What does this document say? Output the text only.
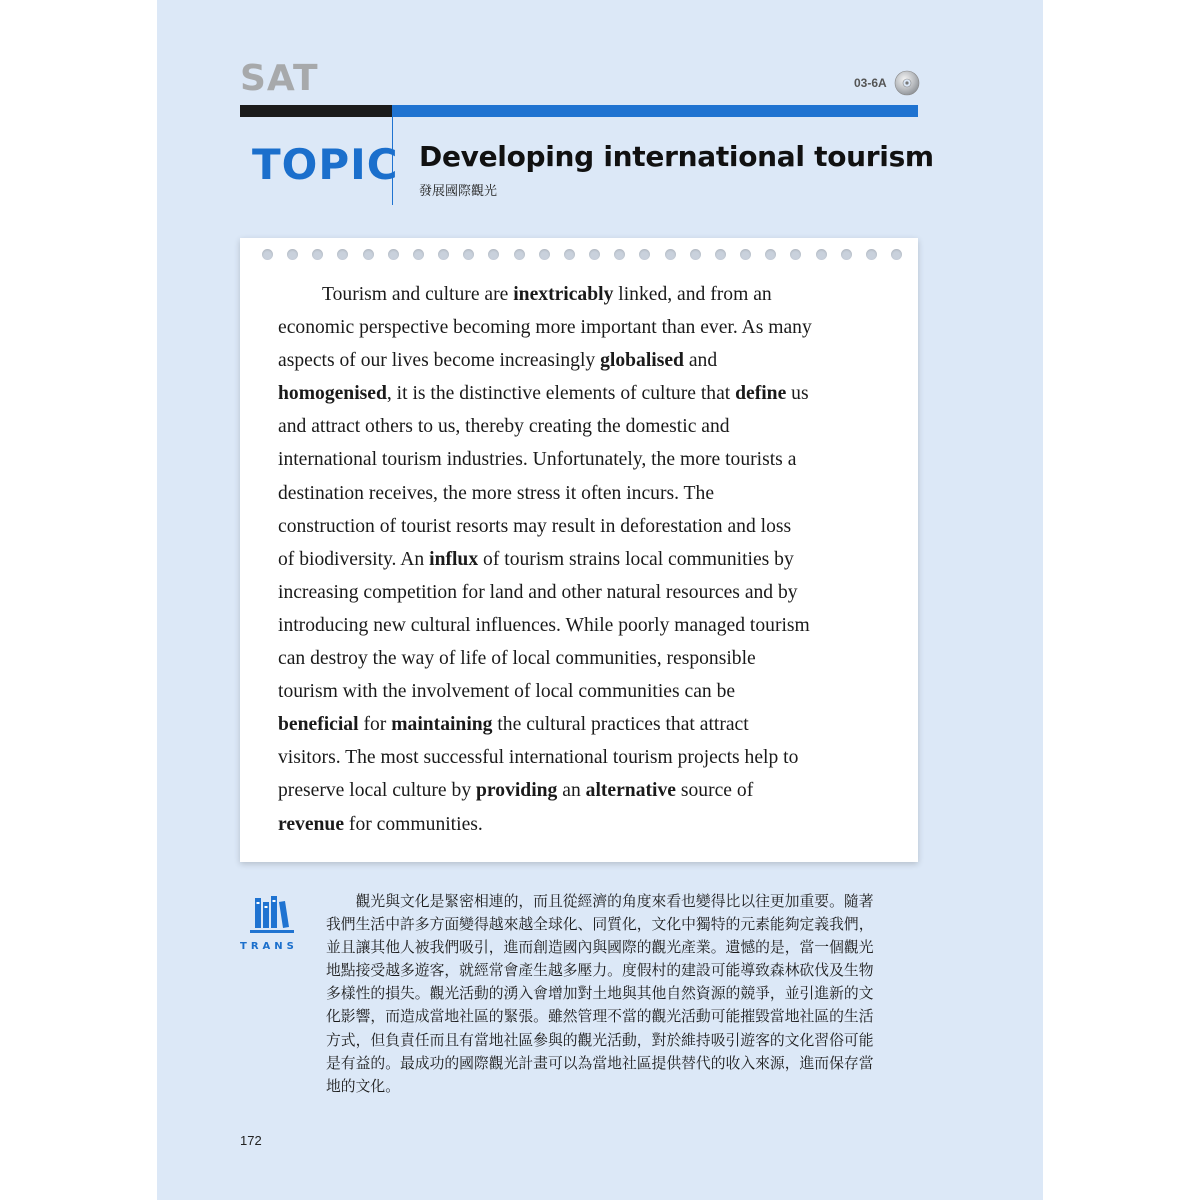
SAT	03-6A
TOPIC Developing international tourism
發展國際觀光

Tourism and culture are inextricably linked, and from an
economic perspective becoming more important than ever. As many
aspects of our lives become increasingly globalised and
homogenised, it is the distinctive elements of culture that define us
and attract others to us, thereby creating the domestic and
international tourism industries. Unfortunately, the more tourists a
destination receives, the more stress it often incurs. The
construction of tourist resorts may result in deforestation and loss
of biodiversity. An influx of tourism strains local communities by
increasing competition for land and other natural resources and by
introducing new cultural influences. While poorly managed tourism
can destroy the way of life of local communities, responsible
tourism with the involvement of local communities can be
beneficial for maintaining the cultural practices that attract
visitors. The most successful international tourism projects help to
preserve local culture by providing an alternative source of
revenue for communities.

TRANS

　　觀光與文化是緊密相連的，而且從經濟的角度來看也變得比以往更加重要。隨著
我們生活中許多方面變得越來越全球化、同質化，文化中獨特的元素能夠定義我們，
並且讓其他人被我們吸引，進而創造國內與國際的觀光產業。遺憾的是，當一個觀光
地點接受越多遊客，就經常會產生越多壓力。度假村的建設可能導致森林砍伐及生物
多樣性的損失。觀光活動的湧入會增加對土地與其他自然資源的競爭，並引進新的文
化影響，而造成當地社區的緊張。雖然管理不當的觀光活動可能摧毀當地社區的生活
方式，但負責任而且有當地社區參與的觀光活動，對於維持吸引遊客的文化習俗可能
是有益的。最成功的國際觀光計畫可以為當地社區提供替代的收入來源，進而保存當
地的文化。

172
